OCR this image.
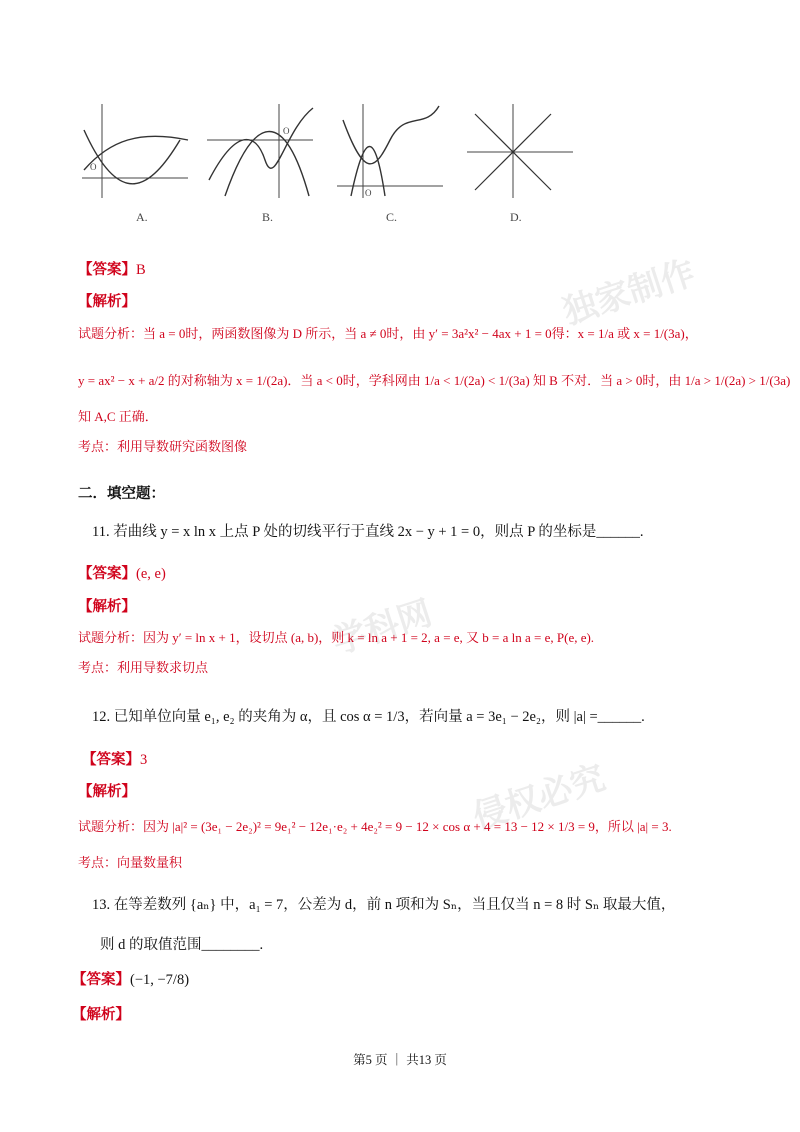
独家制作
学科网
侵权必究
O
O
O
A.	B.	C.	D.
【答案】B
【解析】
试题分析：当 a = 0时，两函数图像为 D 所示，当 a ≠ 0时，由 y′ = 3a²x² − 4ax + 1 = 0得：x = 1/a 或 x = 1/(3a)，
y = ax² − x + a/2 的对称轴为 x = 1/(2a)．当 a < 0时，学科网由 1/a < 1/(2a) < 1/(3a) 知 B 不对．当 a > 0时，由 1/a > 1/(2a) > 1/(3a)
知 A,C 正确．
考点：利用导数研究函数图像
二．填空题：
11. 若曲线 y = x ln x 上点 P 处的切线平行于直线 2x − y + 1 = 0，则点 P 的坐标是______.
【答案】(e, e)
【解析】
试题分析：因为 y′ = ln x + 1，设切点 (a, b)，则 k = ln a + 1 = 2, a = e, 又 b = a ln a = e, P(e, e).
考点：利用导数求切点
12. 已知单位向量 e₁, e₂ 的夹角为 α，且 cos α = 1/3，若向量 a = 3e₁ − 2e₂，则 |a| =______.
【答案】3
【解析】
试题分析：因为 |a|² = (3e₁ − 2e₂)² = 9e₁² − 12e₁·e₂ + 4e₂² = 9 − 12 × cos α + 4 = 13 − 12 × 1/3 = 9，所以 |a| = 3.
考点：向量数量积
13. 在等差数列 {aₙ} 中，a₁ = 7，公差为 d，前 n 项和为 Sₙ，当且仅当 n = 8 时 Sₙ 取最大值，
则 d 的取值范围________.
【答案】(−1, −7/8)
【解析】
第5 页 ｜ 共13 页
